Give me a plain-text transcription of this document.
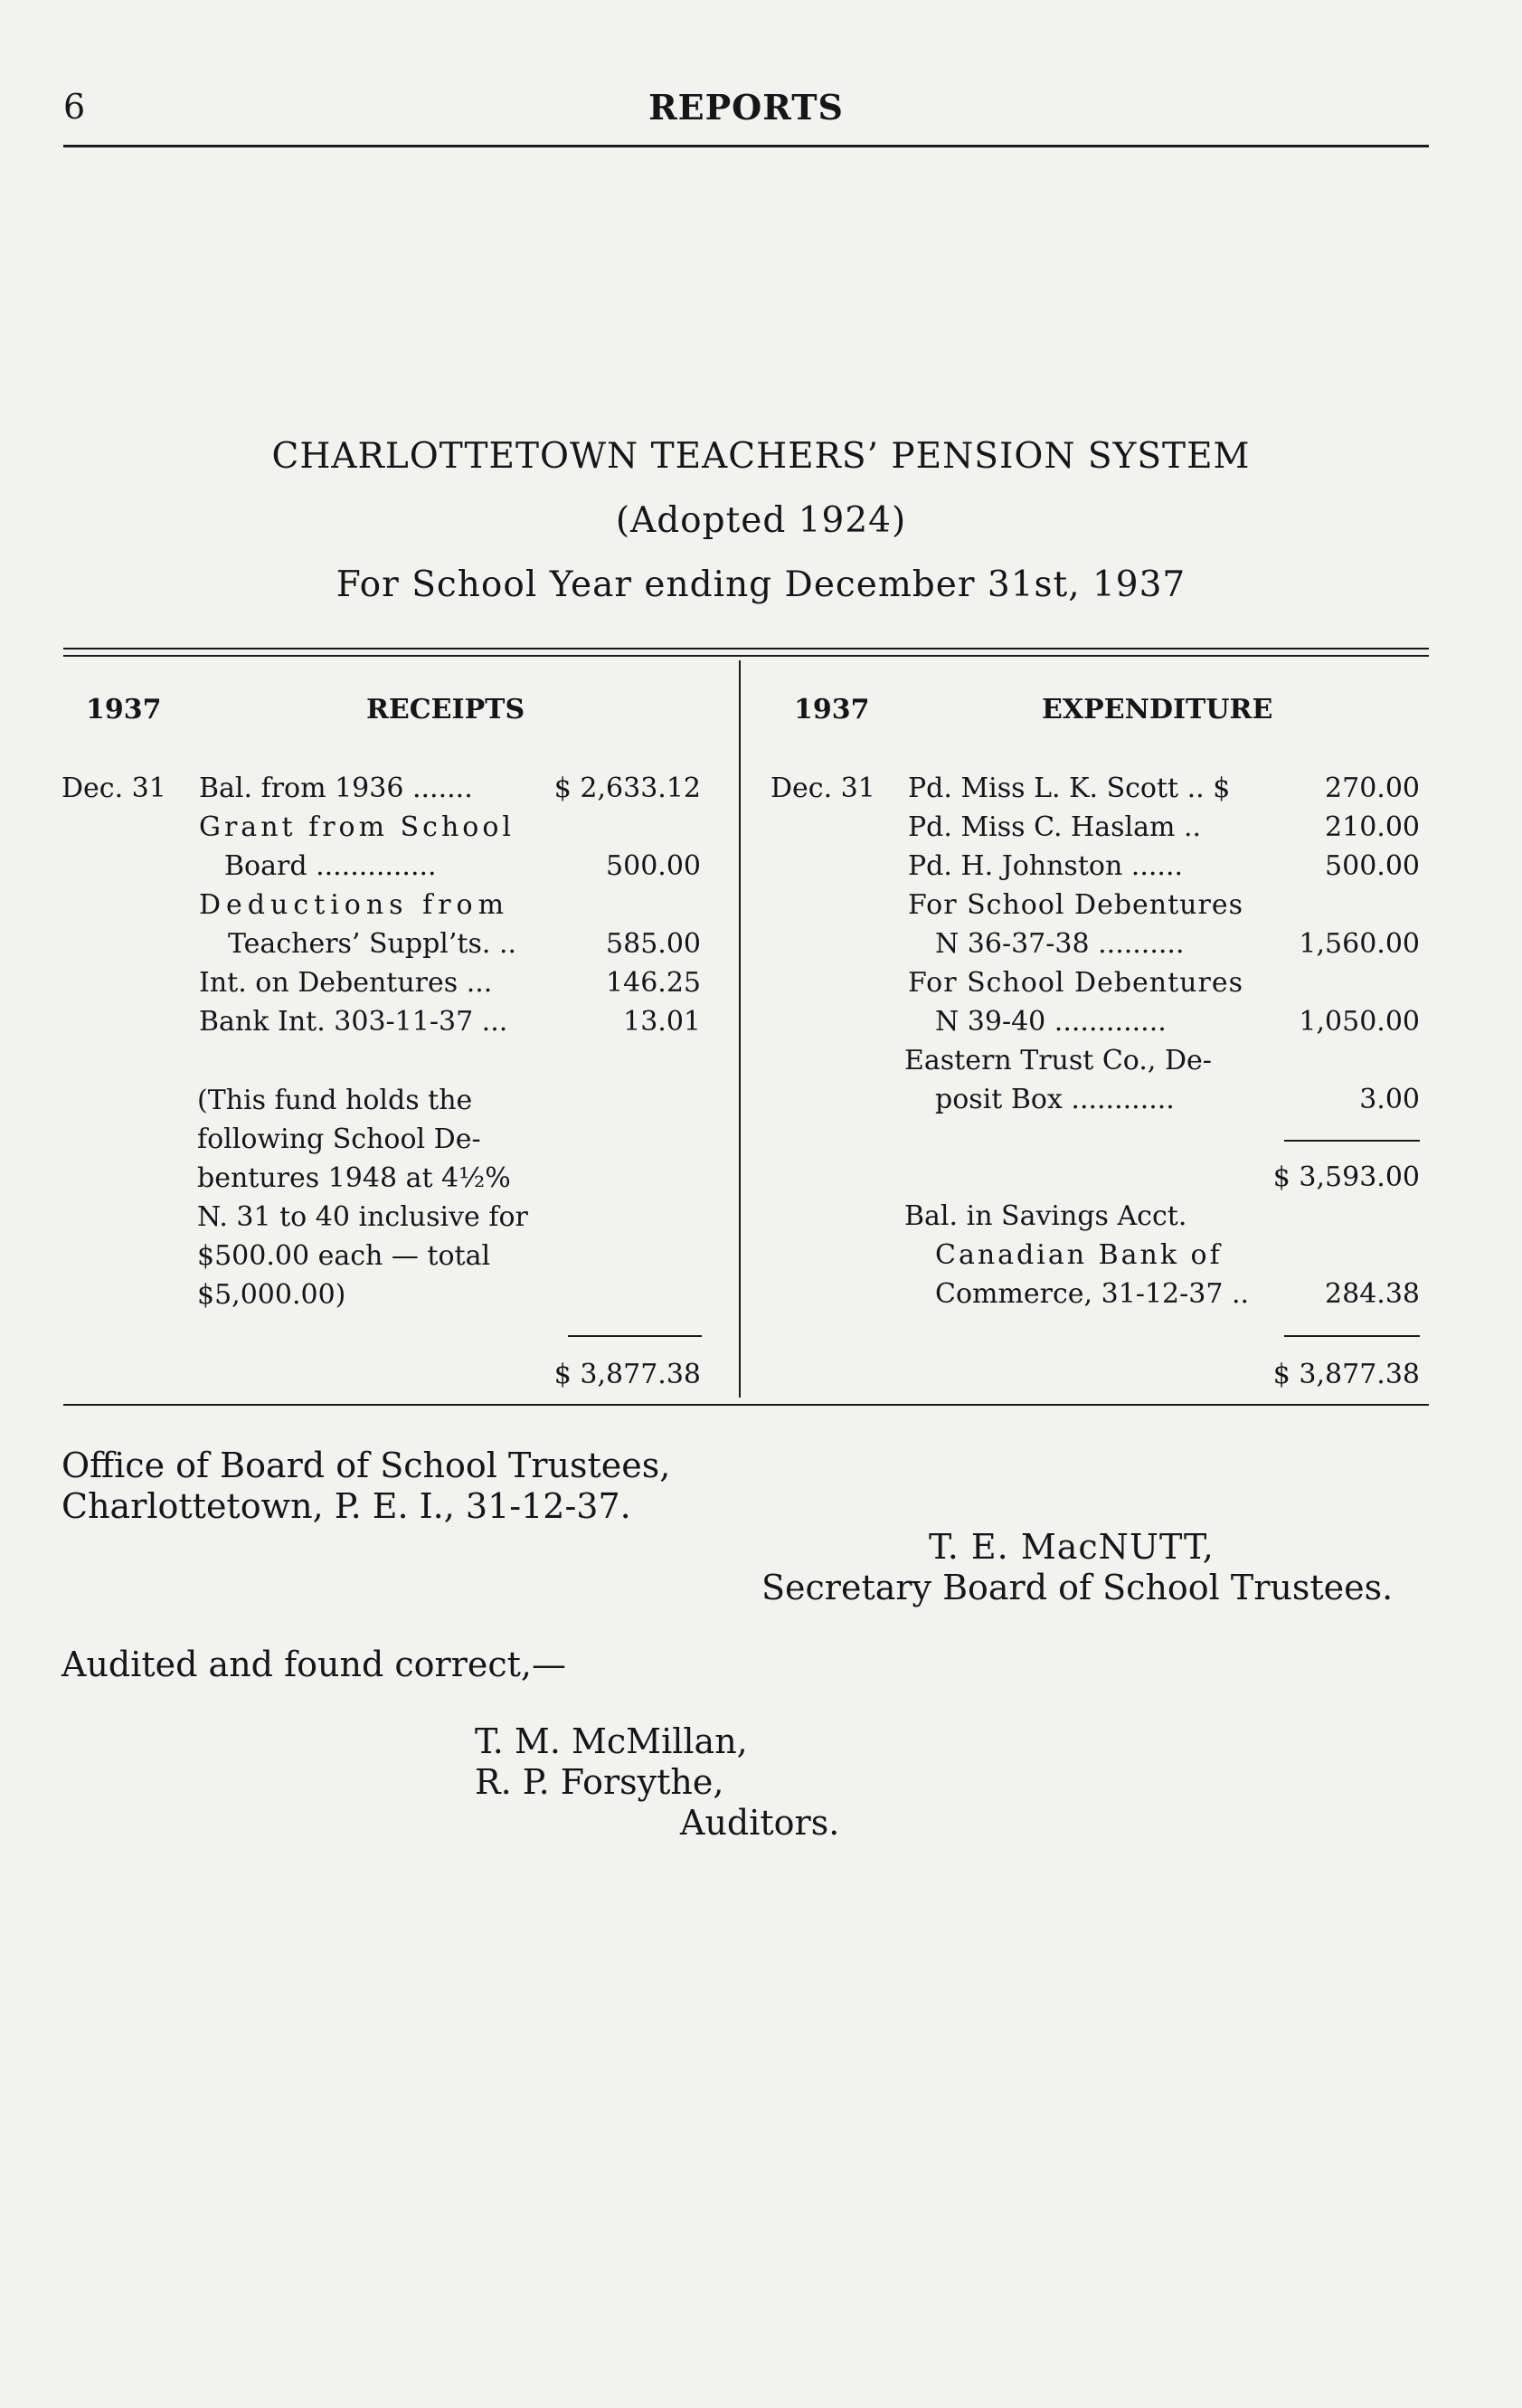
6	REPORTS
CHARLOTTETOWN TEACHERS’ PENSION SYSTEM
(Adopted 1924)
For School Year ending December 31st, 1937
1937	RECEIPTS
Dec. 31 Bal. from 1936 .......	$ 2,633.12
Grant from School
Board ..............	500.00
Deductions from
Teachers’ Suppl’ts. ..	585.00
Int. on Debentures ...	146.25
Bank Int. 303-11-37 ...	13.01
(This fund holds the
following School De-
bentures 1948 at 4½%
N. 31 to 40 inclusive for
$500.00 each — total
$5,000.00)
$ 3,877.38
1937	EXPENDITURE
Dec. 31 Pd. Miss L. K. Scott .. $	270.00
Pd. Miss C. Haslam ..	210.00
Pd. H. Johnston ......	500.00
For School Debentures
N 36-37-38 ..........	1,560.00
For School Debentures
N 39-40 .............	1,050.00
Eastern Trust Co., De-
posit Box ............	3.00
$ 3,593.00
Bal. in Savings Acct.
Canadian Bank of
Commerce, 31-12-37 ..	284.38
$ 3,877.38
Office of Board of School Trustees,
Charlottetown, P. E. I., 31-12-37.
T. E. MacNUTT,
Secretary Board of School Trustees.
Audited and found correct,—
T. M. McMillan,
R. P. Forsythe,
Auditors.
